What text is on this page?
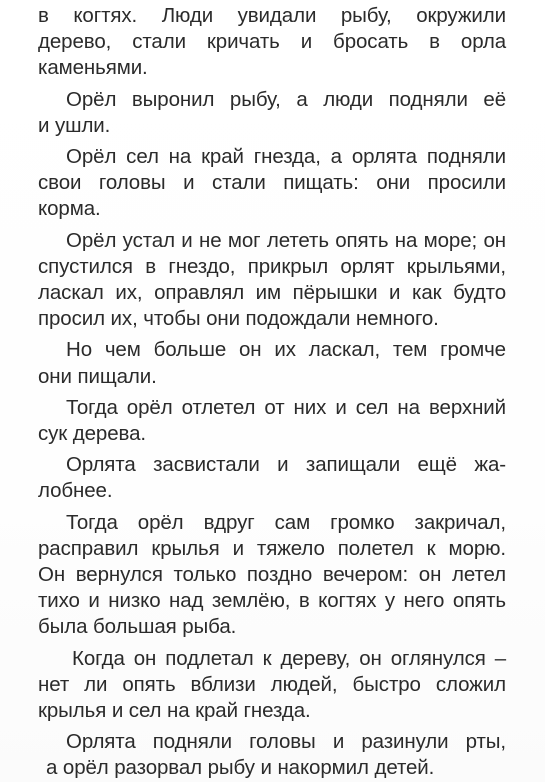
в когтях. Люди увидали рыбу, окружили
дерево, стали кричать и бросать в орла
каменьями.
Орёл выронил рыбу, а люди подняли её
и ушли.
Орёл сел на край гнезда, а орлята подняли
свои головы и стали пищать: они просили
корма.
Орёл устал и не мог лететь опять на море; он
спустился в гнездо, прикрыл орлят крыльями,
ласкал их, оправлял им пёрышки и как будто
просил их, чтобы они подождали немного.
Но чем больше он их ласкал, тем громче
они пищали.
Тогда орёл отлетел от них и сел на верхний
сук дерева.
Орлята засвистали и запищали ещё жа-
лобнее.
Тогда орёл вдруг сам громко закричал,
расправил крылья и тяжело полетел к морю.
Он вернулся только поздно вечером: он летел
тихо и низко над землёю, в когтях у него опять
была большая рыба.
Когда он подлетал к дереву, он оглянулся –
нет ли опять вблизи людей, быстро сложил
крылья и сел на край гнезда.
Орлята подняли головы и разинули рты,
а орёл разорвал рыбу и накормил детей.
